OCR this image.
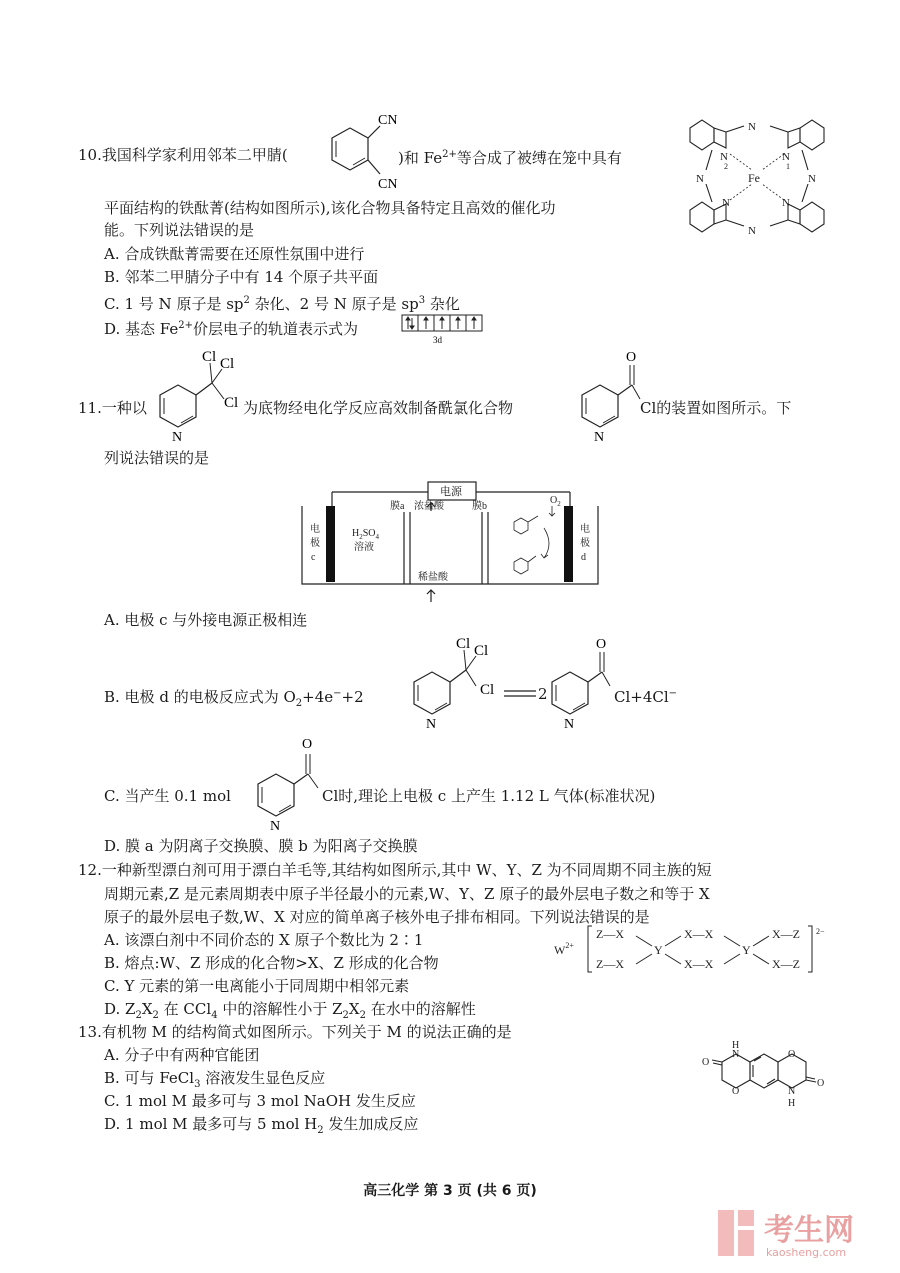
10.我国科学家利用邻苯二甲腈(
CN
CN
)和 $Fe^{2+}$等合成了被缚在笼中具有
平面结构的铁酞菁(结构如图所示),该化合物具备特定且高效的催化功
能。下列说法错误的是
A. 合成铁酞菁需要在还原性氛围中进行
B. 邻苯二甲腈分子中有 14 个原子共平面
C. 1 号 N 原子是 $sp^2$ 杂化、2 号 N 原子是 $sp^3$ 杂化
D. 基态 $Fe^{2+}$价层电子的轨道表示式为
3d
N
N
N	N
N
2
N
1
N	N
Fe
11.一种以
Cl Cl
Cl
N
为底物经电化学反应高效制备酰氯化合物
O
N
Cl的装置如图所示。下
列说法错误的是
电源
膜a	膜b
浓盐酸
稀盐酸
$H_2SO_4$
溶液
电
极
c
电
极
d
$O_2$
A. 电极 c 与外接电源正极相连
B. 电极 d 的电极反应式为 $O_2+4e^-+2$
Cl Cl
Cl
N
2
O
N
Cl+4Cl−
C. 当产生 0.1 mol
O
N
Cl时,理论上电极 c 上产生 1.12 L 气体(标准状况)
D. 膜 a 为阴离子交换膜、膜 b 为阳离子交换膜
12.一种新型漂白剂可用于漂白羊毛等,其结构如图所示,其中 W、Y、Z 为不同周期不同主族的短
周期元素,Z 是元素周期表中原子半径最小的元素,W、Y、Z 原子的最外层电子数之和等于 X
原子的最外层电子数,W、X 对应的简单离子核外电子排布相同。下列说法错误的是
A. 该漂白剂中不同价态的 X 原子个数比为 2∶1
B. 熔点:W、Z 形成的化合物>X、Z 形成的化合物
C. Y 元素的第一电离能小于同周期中相邻元素
D. $Z_2X_2$ 在 CCl$_4$ 中的溶解性小于 $Z_2X_2$ 在水中的溶解性
$W^{2+}$
Z—X
Z—X
Y
X—X
X—X
Y
X—Z
X—Z
2−
13.有机物 M 的结构简式如图所示。下列关于 M 的说法正确的是
A. 分子中有两种官能团
B. 可与 FeCl$_3$ 溶液发生显色反应
C. 1 mol M 最多可与 3 mol NaOH 发生反应
D. 1 mol M 最多可与 5 mol $H_2$ 发生加成反应
O
N
H
O
O
N
H
O
高三化学 第 3 页 (共 6 页)
考生网
kaosheng.com
